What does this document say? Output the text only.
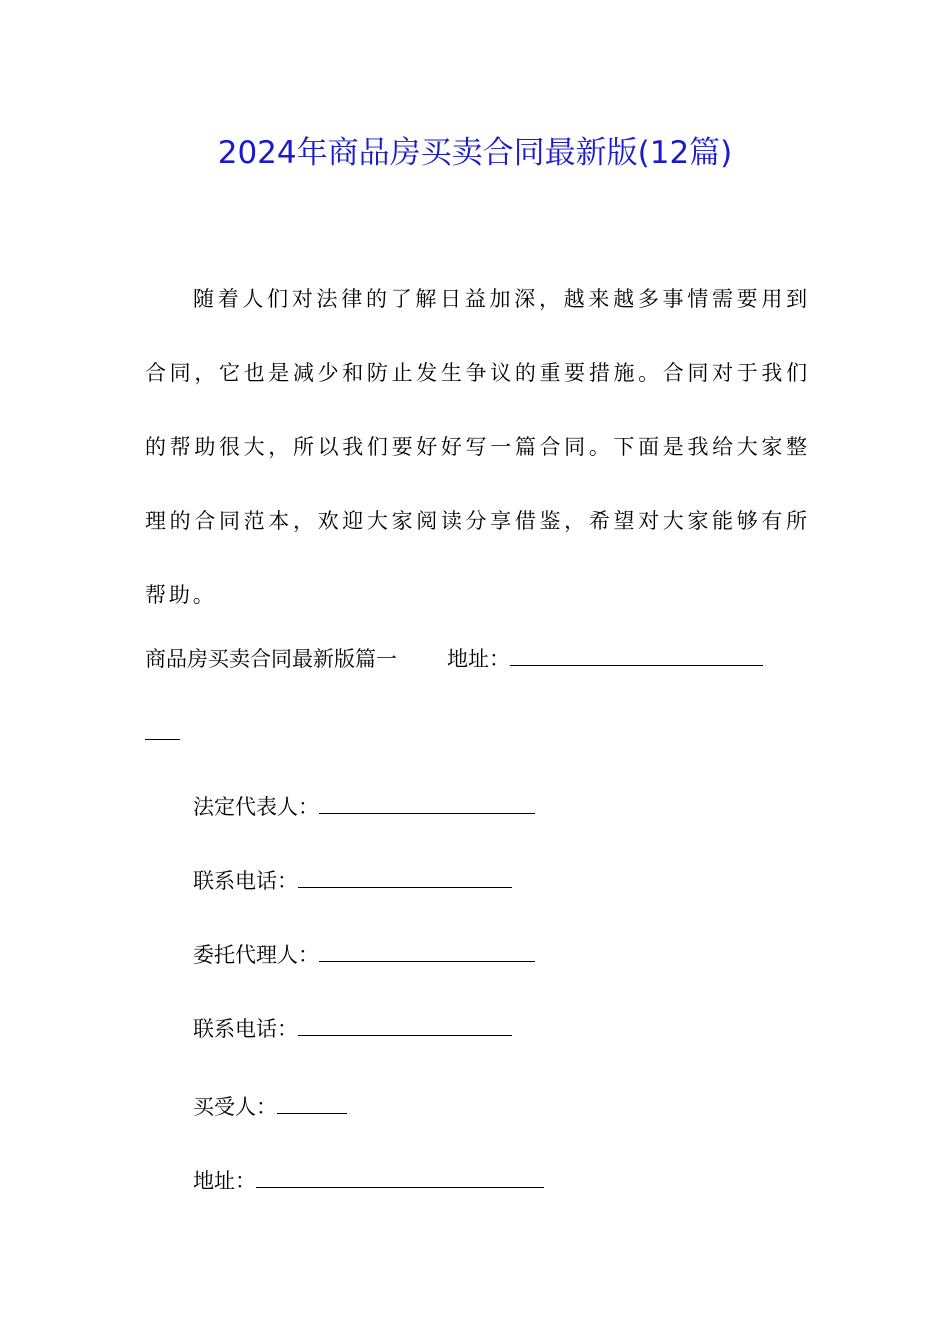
2024年商品房买卖合同最新版(12篇)

随着人们对法律的了解日益加深，越来越多事情需要用到合同，它也是减少和防止发生争议的重要措施。合同对于我们的帮助很大，所以我们要好好写一篇合同。下面是我给大家整理的合同范本，欢迎大家阅读分享借鉴，希望对大家能够有所帮助。

商品房买卖合同最新版篇一 地址：
法定代表人：
联系电话：
委托代理人：
联系电话：
买受人：
地址：
